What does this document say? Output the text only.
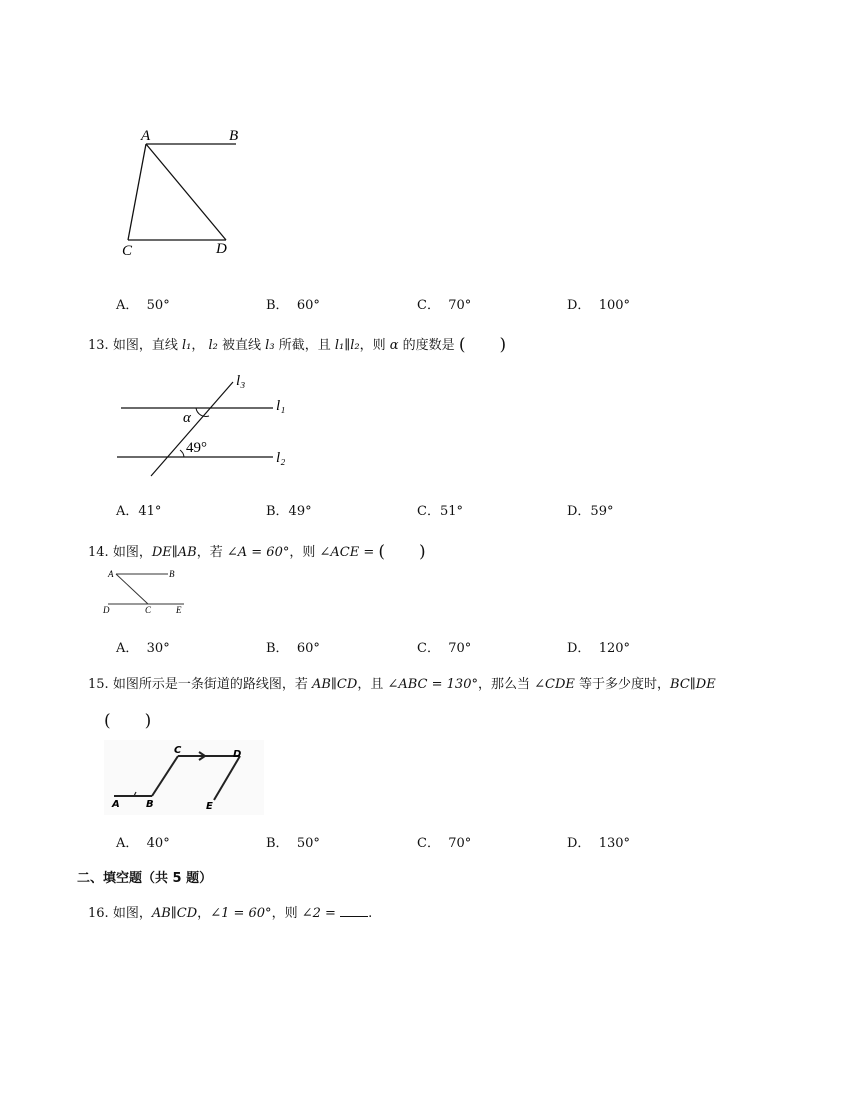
A	B
C	D
A．  50°	B．  60°	C．  70°	D．  100°
13. 如图，直线 l₁， l₂ 被直线 l₃ 所截，且 l₁∥l₂，则 α 的度数是 (　　)
l₃
l₁
l₂
α
49°
A．41°	B．49°	C．51°	D．59°
14. 如图，DE∥AB，若 ∠A = 60°，则 ∠ACE = (　　)
A	B
D	C	E
A．  30°	B．  60°	C．  70°	D．  120°
15. 如图所示是一条街道的路线图，若 AB∥CD，且 ∠ABC = 130°，那么当 ∠CDE 等于多少度时，BC∥DE
(　　)
A	B
C	D
E
A．  40°	B．  50°	C．  70°	D．  130°
二、填空题（共 5 题）
16. 如图，AB∥CD，∠1 = 60°，则 ∠2 = .
